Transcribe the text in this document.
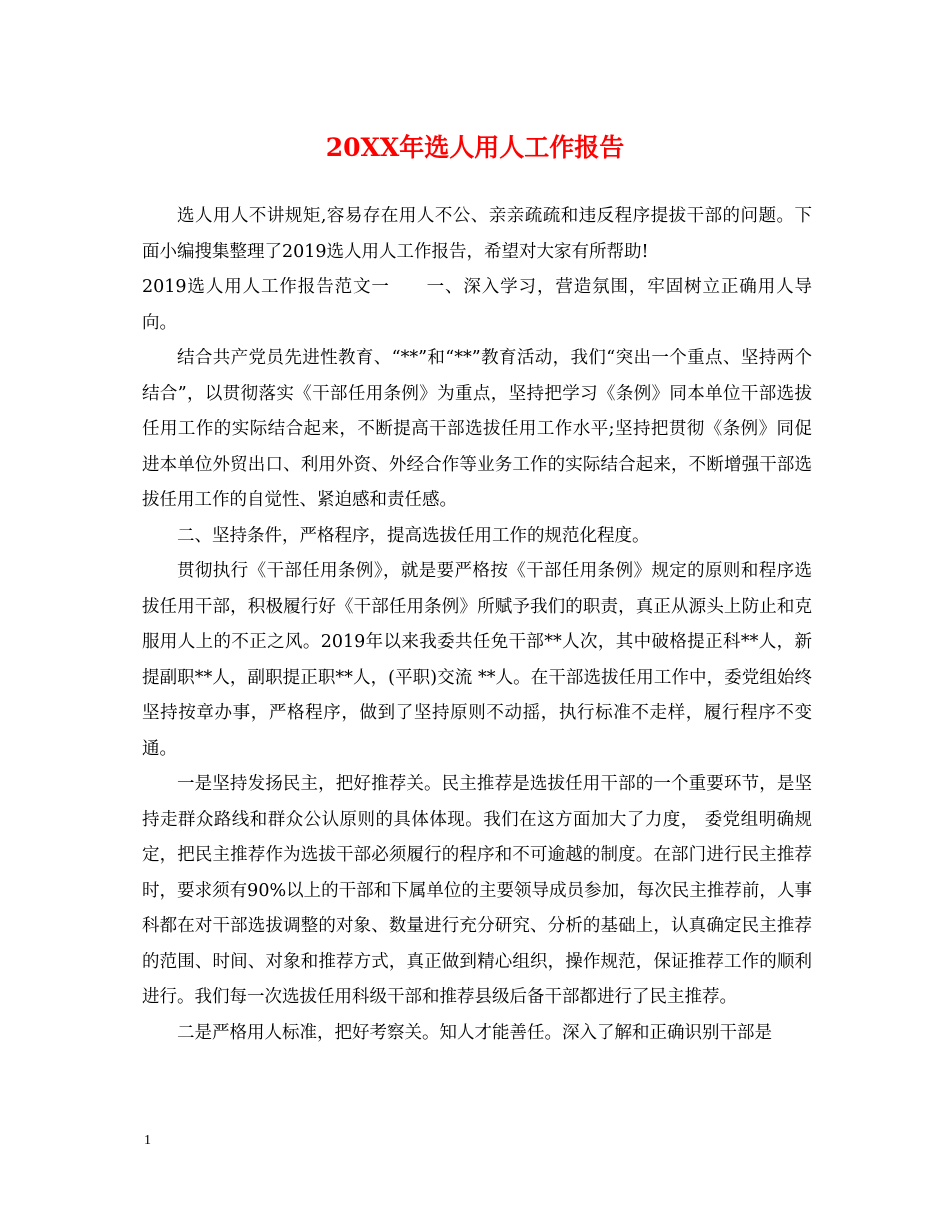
20XX年选人用人工作报告

选人用人不讲规矩,容易存在用人不公、亲亲疏疏和违反程序提拔干部的问题。下面小编搜集整理了2019选人用人工作报告，希望对大家有所帮助!

2019选人用人工作报告范文一　　一、深入学习，营造氛围，牢固树立正确用人导向。

结合共产党员先进性教育、“**”和“**”教育活动，我们“突出一个重点、坚持两个结合”，以贯彻落实《干部任用条例》为重点，坚持把学习《条例》同本单位干部选拔任用工作的实际结合起来，不断提高干部选拔任用工作水平;坚持把贯彻《条例》同促进本单位外贸出口、利用外资、外经合作等业务工作的实际结合起来，不断增强干部选拔任用工作的自觉性、紧迫感和责任感。

二、坚持条件，严格程序，提高选拔任用工作的规范化程度。

贯彻执行《干部任用条例》，就是要严格按《干部任用条例》规定的原则和程序选拔任用干部，积极履行好《干部任用条例》所赋予我们的职责，真正从源头上防止和克服用人上的不正之风。2019年以来我委共任免干部**人次，其中破格提正科**人，新提副职**人，副职提正职**人，(平职)交流 **人。在干部选拔任用工作中，委党组始终坚持按章办事，严格程序，做到了坚持原则不动摇，执行标准不走样，履行程序不变通。

一是坚持发扬民主，把好推荐关。民主推荐是选拔任用干部的一个重要环节，是坚持走群众路线和群众公认原则的具体体现。我们在这方面加大了力度， 委党组明确规定，把民主推荐作为选拔干部必须履行的程序和不可逾越的制度。在部门进行民主推荐时，要求须有90%以上的干部和下属单位的主要领导成员参加，每次民主推荐前，人事科都在对干部选拔调整的对象、数量进行充分研究、分析的基础上，认真确定民主推荐的范围、时间、对象和推荐方式，真正做到精心组织，操作规范，保证推荐工作的顺利进行。我们每一次选拔任用科级干部和推荐县级后备干部都进行了民主推荐。

二是严格用人标准，把好考察关。知人才能善任。深入了解和正确识别干部是

1
